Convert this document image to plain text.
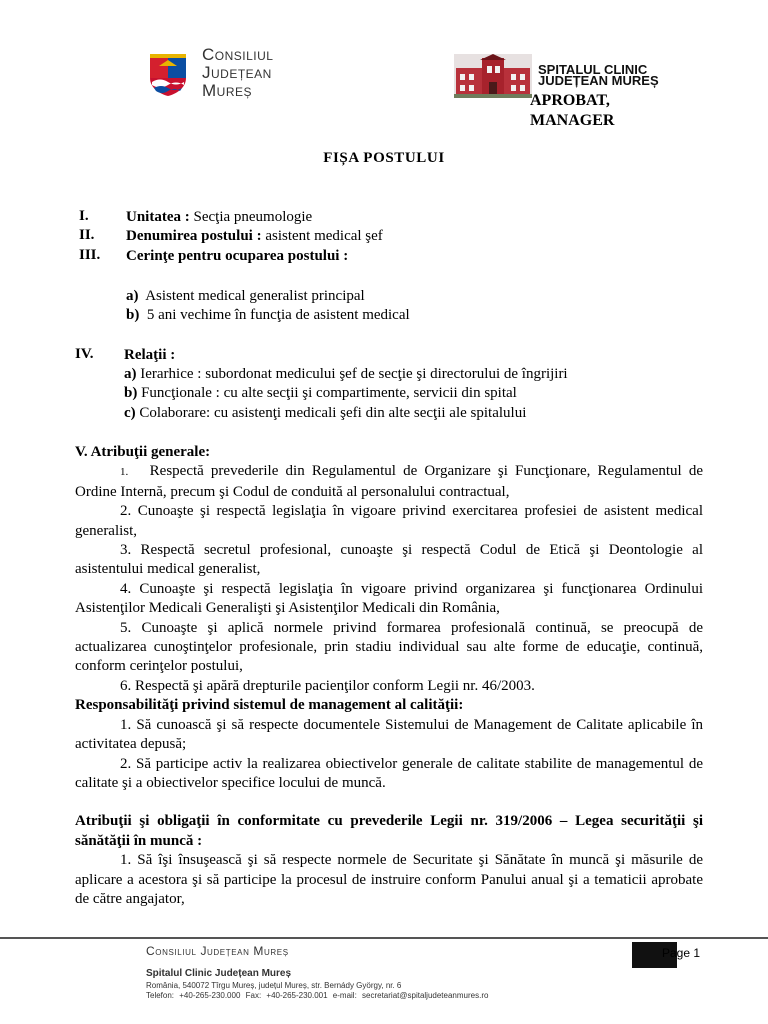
Consiliul
Județean
Mureș
SPITALUL CLINIC
JUDEȚEAN MUREȘ
APROBAT,
MANAGER
FIȘA POSTULUI
I. Unitatea : Secţia pneumologie
II. Denumirea postului : asistent medical şef
III. Cerinţe pentru ocuparea postului :
a) Asistent medical generalist principal
b) 5 ani vechime în funcţia de asistent medical
IV. Relaţii :
a) Ierarhice : subordonat medicului şef de secţie şi directorului de îngrijiri
b) Funcţionale : cu alte secţii şi compartimente, servicii din spital
c) Colaborare: cu asistenţi medicali şefi din alte secţii ale spitalului

V. Atribuţii generale:

1. Respectă prevederile din Regulamentul de Organizare şi Funcţionare, Regulamentul de Ordine Internă, precum şi Codul de conduită al personalului contractual,

2. Cunoaşte şi respectă legislaţia în vigoare privind exercitarea profesiei de asistent medical generalist,

3. Respectă secretul profesional, cunoaşte şi respectă Codul de Etică şi Deontologie al asistentului medical generalist,

4. Cunoaşte şi respectă legislaţia în vigoare privind organizarea şi funcţionarea Ordinului Asistenţilor Medicali Generalişti şi Asistenţilor Medicali din România,

5. Cunoaşte şi aplică normele privind formarea profesională continuă, se preocupă de actualizarea cunoştinţelor profesionale, prin stadiu individual sau alte forme de educaţie, continuă, conform cerinţelor postului,

6. Respectă şi apără drepturile pacienţilor conform Legii nr. 46/2003.

Responsabilităţi privind sistemul de management al calităţii:

1. Să cunoască şi să respecte documentele Sistemului de Management de Calitate aplicabile în activitatea depusă;

2. Să participe activ la realizarea obiectivelor generale de calitate stabilite de managementul de calitate şi a obiectivelor specifice locului de muncă.

Atribuţii şi obligaţii în conformitate cu prevederile Legii nr. 319/2006 – Legea securităţii şi sănătăţii în muncă :

1. Să îşi însuşească şi să respecte normele de Securitate şi Sănătate în muncă şi măsurile de aplicare a acestora şi să participe la procesul de instruire conform Panului anual şi a tematicii aprobate de către angajator,

Page 1
Consiliul Județean Mureș
Spitalul Clinic Județean Mureș
România, 540072 Tîrgu Mureș, județul Mureș, str. Bernády György, nr. 6
Telefon: +40-265-230.000 Fax: +40-265-230.001 e-mail: secretariat@spitaljudeteanmures.ro
